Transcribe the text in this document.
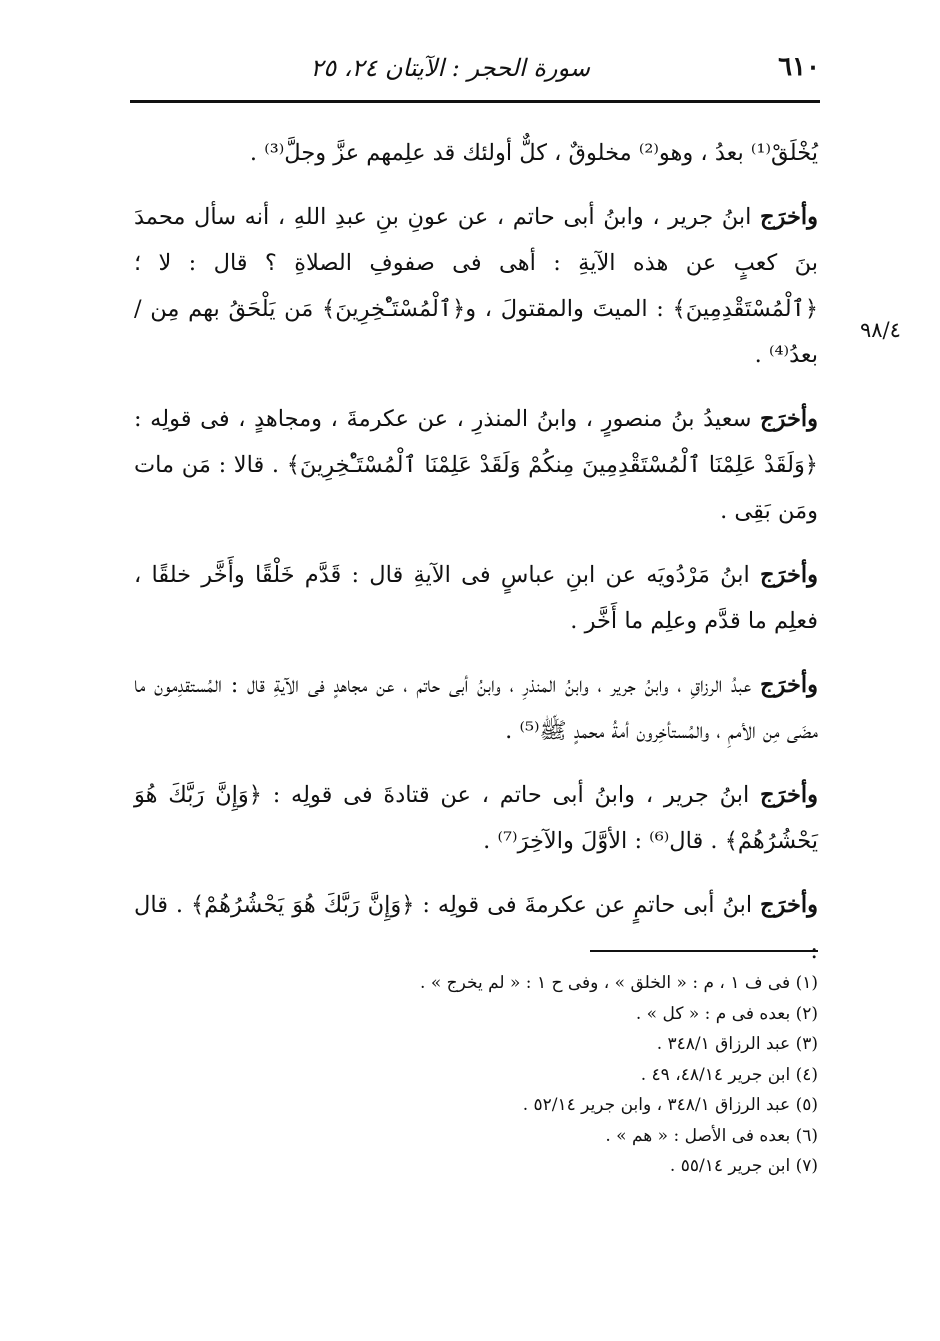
٦١٠
سورة الحجر : الآيتان ٢٤، ٢٥
٩٨/٤

يُخْلَقْ⁽¹⁾ بعدُ ، وهو⁽²⁾ مخلوقٌ ، كلٌّ أولئك قد علِمهم عزَّ وجلَّ⁽³⁾ .

وأخرَج ابنُ جرير ، وابنُ أبى حاتم ، عن عونِ بنِ عبدِ اللهِ ، أنه سأل محمدَ بنَ كعبٍ عن هذه الآيةِ : أهى فى صفوفِ الصلاةِ ؟ قال : لا ؛ ﴿ٱلْمُسْتَقْدِمِينَ﴾ : الميتَ والمقتولَ ، و﴿ٱلْمُسْتَـْٔخِرِينَ﴾ مَن يَلْحَقُ بهم مِن /بعدُ⁽⁴⁾ .

وأخرَج سعيدُ بنُ منصورٍ ، وابنُ المنذرِ ، عن عكرمةَ ، ومجاهدٍ ، فى قولِه : ﴿وَلَقَدْ عَلِمْنَا ٱلْمُسْتَقْدِمِينَ مِنكُمْ وَلَقَدْ عَلِمْنَا ٱلْمُسْتَـْٔخِرِينَ﴾ . قالا : مَن مات ومَن بَقِى .

وأخرَج ابنُ مَرْدُويَه عن ابنِ عباسٍ فى الآيةِ قال : قَدَّم خَلْقًا وأَخَّر خلقًا ، فعلِم ما قدَّم وعلِم ما أَخَّر .

وأخرَج عبدُ الرزاقِ ، وابنُ جرير ، وابنُ المنذرِ ، وابنُ أبى حاتم ، عن مجاهدٍ فى الآيةِ قال : المُستقدِمون ما مضَى مِن الأممِ ، والمُستأخِرون أمةُ محمدٍ ﷺ⁽⁵⁾ .

وأخرَج ابنُ جرير ، وابنُ أبى حاتم ، عن قتادةَ فى قولِه : ﴿وَإِنَّ رَبَّكَ هُوَ يَحْشُرُهُمْ﴾ . قال⁽⁶⁾ : الأوَّلَ والآخِرَ⁽⁷⁾ .

وأخرَج ابنُ أبى حاتمٍ عن عكرمةَ فى قولِه : ﴿وَإِنَّ رَبَّكَ هُوَ يَحْشُرُهُمْ﴾ . قال :

(١) فى ف ١ ، م : « الخلق » ، وفى ح ١ : « لم يخرج » .

(٢) بعده فى م : « كل » .

(٣) عبد الرزاق ٣٤٨/١ .

(٤) ابن جرير ٤٨/١٤، ٤٩ .

(٥) عبد الرزاق ٣٤٨/١ ، وابن جرير ٥٢/١٤ .

(٦) بعده فى الأصل : « هم » .

(٧) ابن جرير ٥٥/١٤ .
